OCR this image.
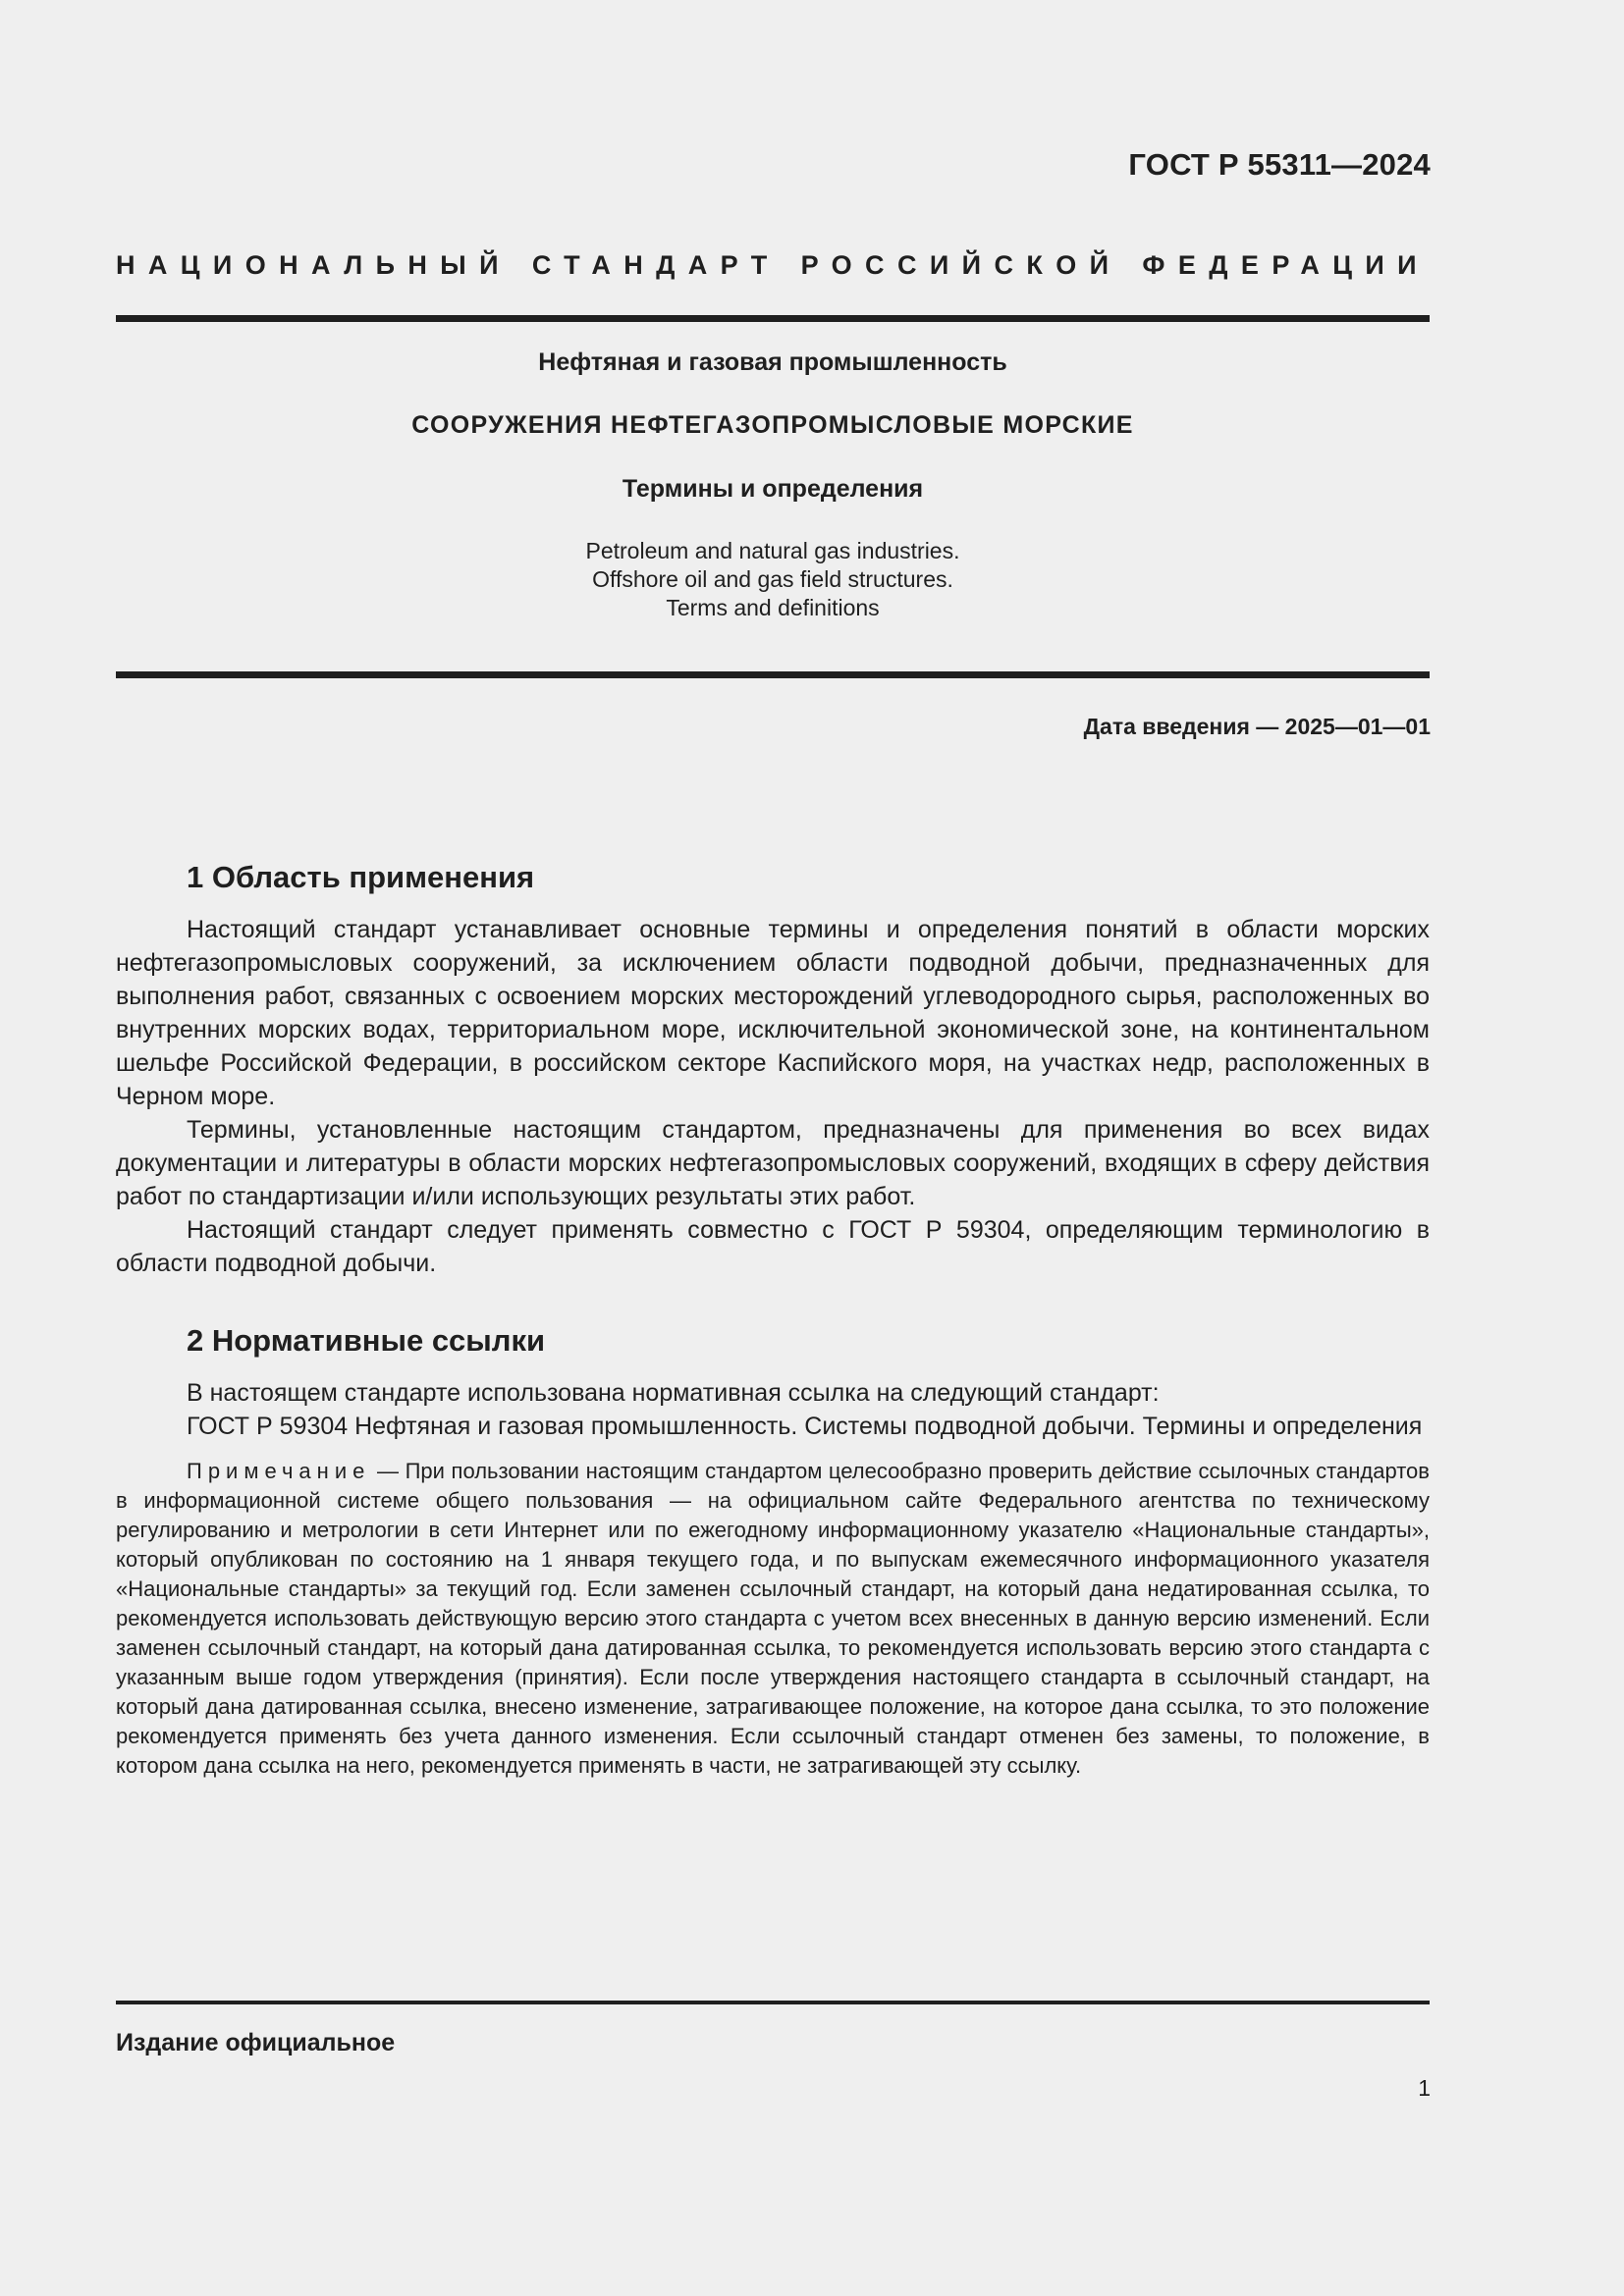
ГОСТ Р 55311—2024

НАЦИОНАЛЬНЫЙ СТАНДАРТ РОССИЙСКОЙ ФЕДЕРАЦИИ

Нефтяная и газовая промышленность

СООРУЖЕНИЯ НЕФТЕГАЗОПРОМЫСЛОВЫЕ МОРСКИЕ

Термины и определения

Petroleum and natural gas industries.
Offshore oil and gas field structures.
Terms and definitions

Дата введения — 2025—01—01
1 Область применения

Настоящий стандарт устанавливает основные термины и определения понятий в области морских нефтегазопромысловых сооружений, за исключением области подводной добычи, предназначенных для выполнения работ, связанных с освоением морских месторождений углеводородного сырья, расположенных во внутренних морских водах, территориальном море, исключительной экономической зоне, на континентальном шельфе Российской Федерации, в российском секторе Каспийского моря, на участках недр, расположенных в Черном море.

Термины, установленные настоящим стандартом, предназначены для применения во всех видах документации и литературы в области морских нефтегазопромысловых сооружений, входящих в сферу действия работ по стандартизации и/или использующих результаты этих работ.

Настоящий стандарт следует применять совместно с ГОСТ Р 59304, определяющим терминологию в области подводной добычи.

2 Нормативные ссылки

В настоящем стандарте использована нормативная ссылка на следующий стандарт:

ГОСТ Р 59304 Нефтяная и газовая промышленность. Системы подводной добычи. Термины и определения

Примечание — При пользовании настоящим стандартом целесообразно проверить действие ссылочных стандартов в информационной системе общего пользования — на официальном сайте Федерального агентства по техническому регулированию и метрологии в сети Интернет или по ежегодному информационному указателю «Национальные стандарты», который опубликован по состоянию на 1 января текущего года, и по выпускам ежемесячного информационного указателя «Национальные стандарты» за текущий год. Если заменен ссылочный стандарт, на который дана недатированная ссылка, то рекомендуется использовать действующую версию этого стандарта с учетом всех внесенных в данную версию изменений. Если заменен ссылочный стандарт, на который дана датированная ссылка, то рекомендуется использовать версию этого стандарта с указанным выше годом утверждения (принятия). Если после утверждения настоящего стандарта в ссылочный стандарт, на который дана датированная ссылка, внесено изменение, затрагивающее положение, на которое дана ссылка, то это положение рекомендуется применять без учета данного изменения. Если ссылочный стандарт отменен без замены, то положение, в котором дана ссылка на него, рекомендуется применять в части, не затрагивающей эту ссылку.

Издание официальное
1
